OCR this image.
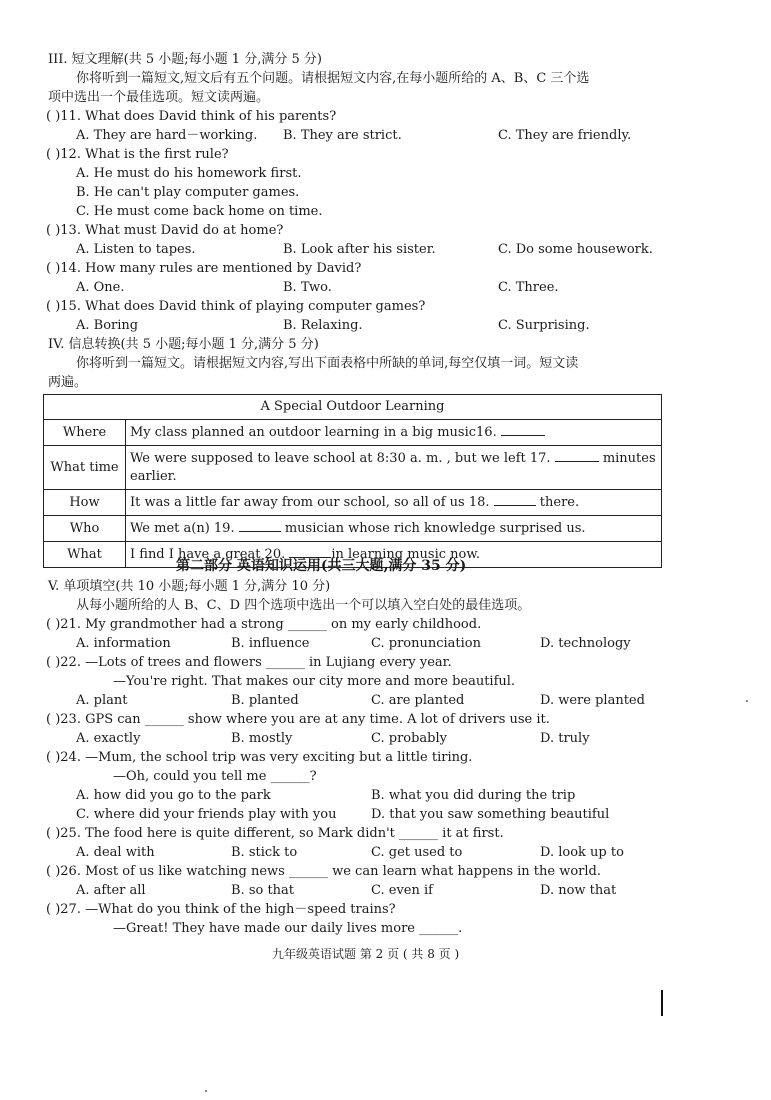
III. 短文理解(共 5 小题;每小题 1 分,满分 5 分)
你将听到一篇短文,短文后有五个问题。请根据短文内容,在每小题所给的 A、B、C 三个选
项中选出一个最佳选项。短文读两遍。
( )11. What does David think of his parents?
A. They are hard－working. B. They are strict.	C. They are friendly.
( )12. What is the first rule?
A. He must do his homework first.
B. He can't play computer games.
C. He must come back home on time.
( )13. What must David do at home?
A. Listen to tapes.	B. Look after his sister.	C. Do some housework.
( )14. How many rules are mentioned by David?
A. One.	B. Two.	C. Three.
( )15. What does David think of playing computer games?
A. Boring	B. Relaxing.	C. Surprising.
IV. 信息转换(共 5 小题;每小题 1 分,满分 5 分)
你将听到一篇短文。请根据短文内容,写出下面表格中所缺的单词,每空仅填一词。短文读
两遍。
A Special Outdoor Learning	
Where	My class planned an outdoor learning in a big music16.
What time	We were supposed to leave school at 8:30 a. m. , but we left 17. minutes
earlier.
How	It was a little far away from our school, so all of us 18. there.
Who	We met a(n) 19. musician whose rich knowledge surprised us.
What	I find I have a great 20. in learning music now.
第二部分 英语知识运用(共三大题,满分 35 分)
V. 单项填空(共 10 小题;每小题 1 分,满分 10 分)
从每小题所给的人 B、C、D 四个选项中选出一个可以填入空白处的最佳选项。
( )21. My grandmother had a strong ______ on my early childhood.
A. information	B. influence	C. pronunciation	D. technology
( )22. —Lots of trees and flowers ______ in Lujiang every year.
—You're right. That makes our city more and more beautiful.
A. plant	B. planted	C. are planted	D. were planted
( )23. GPS can ______ show where you are at any time. A lot of drivers use it.
A. exactly	B. mostly	C. probably	D. truly
( )24. —Mum, the school trip was very exciting but a little tiring.
—Oh, could you tell me ______?
A. how did you go to the park	B. what you did during the trip
C. where did your friends play with you	D. that you saw something beautiful
( )25. The food here is quite different, so Mark didn't ______ it at first.
A. deal with	B. stick to	C. get used to	D. look up to
( )26. Most of us like watching news ______ we can learn what happens in the world.
A. after all	B. so that	C. even if	D. now that
( )27. —What do you think of the high－speed trains?
—Great! They have made our daily lives more ______.
九年级英语试题 第 2 页 ( 共 8 页 )
